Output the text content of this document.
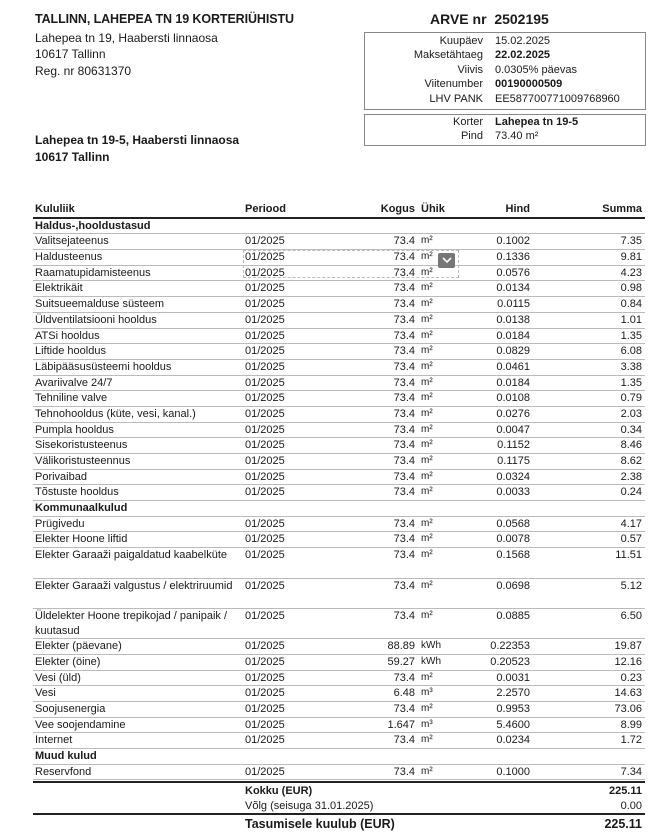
TALLINN, LAHEPEA TN 19 KORTERIÜHISTU
Lahepea tn 19, Haabersti linnaosa
10617 Tallinn
Reg. nr 80631370
ARVE nr 2502195
Kuupäev 15.02.2025
Maksetähtaeg 22.02.2025
Viivis 0.0305% päevas
Viitenumber 00190000509
LHV PANK EE587700771009768960
Korter Lahepea tn 19-5
Pind 73.40 m²
Lahepea tn 19-5, Haabersti linnaosa
10617 Tallinn
Kululiik	Periood	Kogus Ühik	Hind	Summa
Haldus-,hooldustasud
Valitsejateenus	01/2025	73.4 m²	0.1002	7.35
Haldusteenus	01/2025	73.4 m²	0.1336	9.81
Raamatupidamisteenus	01/2025	73.4 m²	0.0576	4.23
Elektrikäit	01/2025	73.4 m²	0.0134	0.98
Suitsueemalduse süsteem	01/2025	73.4 m²	0.0115	0.84
Üldventilatsiooni hooldus	01/2025	73.4 m²	0.0138	1.01
ATSi hooldus	01/2025	73.4 m²	0.0184	1.35
Liftide hooldus	01/2025	73.4 m²	0.0829	6.08
Läbipääsusüsteemi hooldus	01/2025	73.4 m²	0.0461	3.38
Avariivalve 24/7	01/2025	73.4 m²	0.0184	1.35
Tehniline valve	01/2025	73.4 m²	0.0108	0.79
Tehnohooldus (küte, vesi, kanal.)	01/2025	73.4 m²	0.0276	2.03
Pumpla hooldus	01/2025	73.4 m²	0.0047	0.34
Sisekoristusteenus	01/2025	73.4 m²	0.1152	8.46
Välikoristusteennus	01/2025	73.4 m²	0.1175	8.62
Porivaibad	01/2025	73.4 m²	0.0324	2.38
Tõstuste hooldus	01/2025	73.4 m²	0.0033	0.24
Kommunaalkulud
Prügivedu	01/2025	73.4 m²	0.0568	4.17
Elekter Hoone liftid	01/2025	73.4 m²	0.0078	0.57
Elekter Garaaži paigaldatud kaabelküte	01/2025	73.4 m²	0.1568	11.51
Elekter Garaaži valgustus / elektriruumid	01/2025	73.4 m²	0.0698	5.12
Üldelekter Hoone trepikojad / panipaik / kuutasud
01/2025	73.4 m²	0.0885	6.50
Elekter (päevane)	01/2025	88.89 kWh	0.22353	19.87
Elekter (öine)	01/2025	59.27 kWh	0.20523	12.16
Vesi (üld)	01/2025	73.4 m²	0.0031	0.23
Vesi	01/2025	6.48 m³	2.2570	14.63
Soojusenergia	01/2025	73.4 m²	0.9953	73.06
Vee soojendamine	01/2025	1.647 m³	5.4600	8.99
Internet	01/2025	73.4 m²	0.0234	1.72
Muud kulud
Reservfond	01/2025	73.4 m²	0.1000	7.34
Kokku (EUR)	225.11
Võlg (seisuga 31.01.2025)	0.00
Tasumisele kuulub (EUR)	225.11
